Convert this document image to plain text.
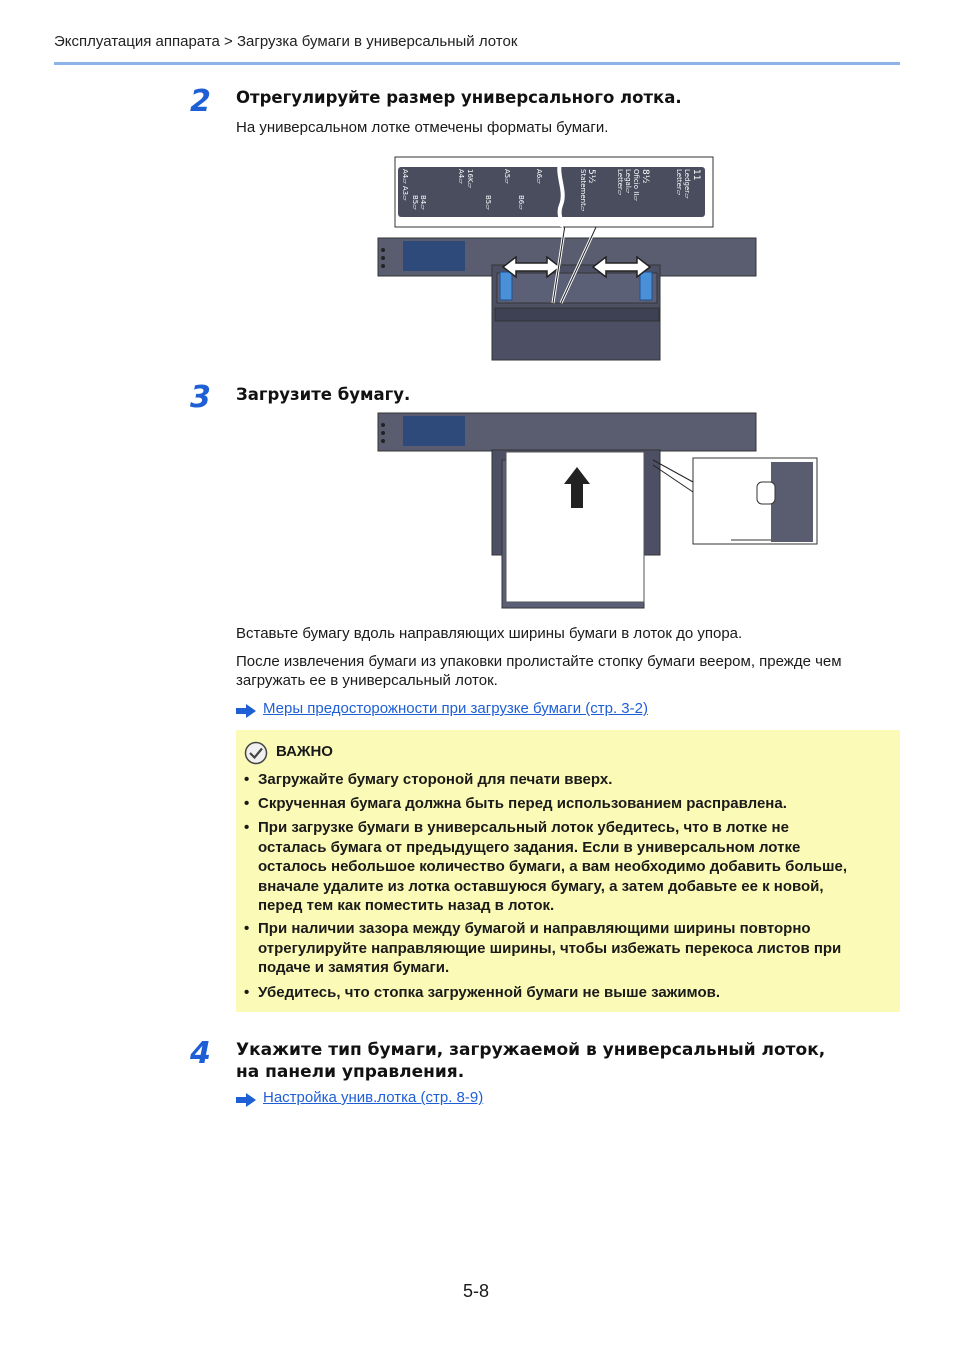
Эксплуатация аппарата > Загрузка бумаги в универсальный лоток
2 Отрегулируйте размер универсального лотка.
На универсальном лотке отмечены форматы бумаги.
A4▱ A3▱
B5▱ B4▱
A4▱ 16K▱
B5▱
A5▱
B6▱
A6▱	Statement▱ 5½	Letter▱ Legal▱ Oficio II▱ 8½	Letter▱ Ledger▱ 11
3 Загрузите бумагу.
Вставьте бумагу вдоль направляющих ширины бумаги в лоток до упора.
После извлечения бумаги из упаковки пролистайте стопку бумаги веером, прежде чем
загружать ее в универсальный лоток.
Меры предосторожности при загрузке бумаги (стр. 3-2)
ВАЖНО
• Загружайте бумагу стороной для печати вверх.
• Скрученная бумага должна быть перед использованием расправлена.
• При загрузке бумаги в универсальный лоток убедитесь, что в лотке не
осталась бумага от предыдущего задания. Если в универсальном лотке
осталось небольшое количество бумаги, а вам необходимо добавить больше,
вначале удалите из лотка оставшуюся бумагу, а затем добавьте ее к новой,
перед тем как поместить назад в лоток.
• При наличии зазора между бумагой и направляющими ширины повторно
отрегулируйте направляющие ширины, чтобы избежать перекоса листов при
подаче и замятия бумаги.
• Убедитесь, что стопка загруженной бумаги не выше зажимов.
4 Укажите тип бумаги, загружаемой в универсальный лоток,
на панели управления.
Настройка унив.лотка (стр. 8-9)
5-8
